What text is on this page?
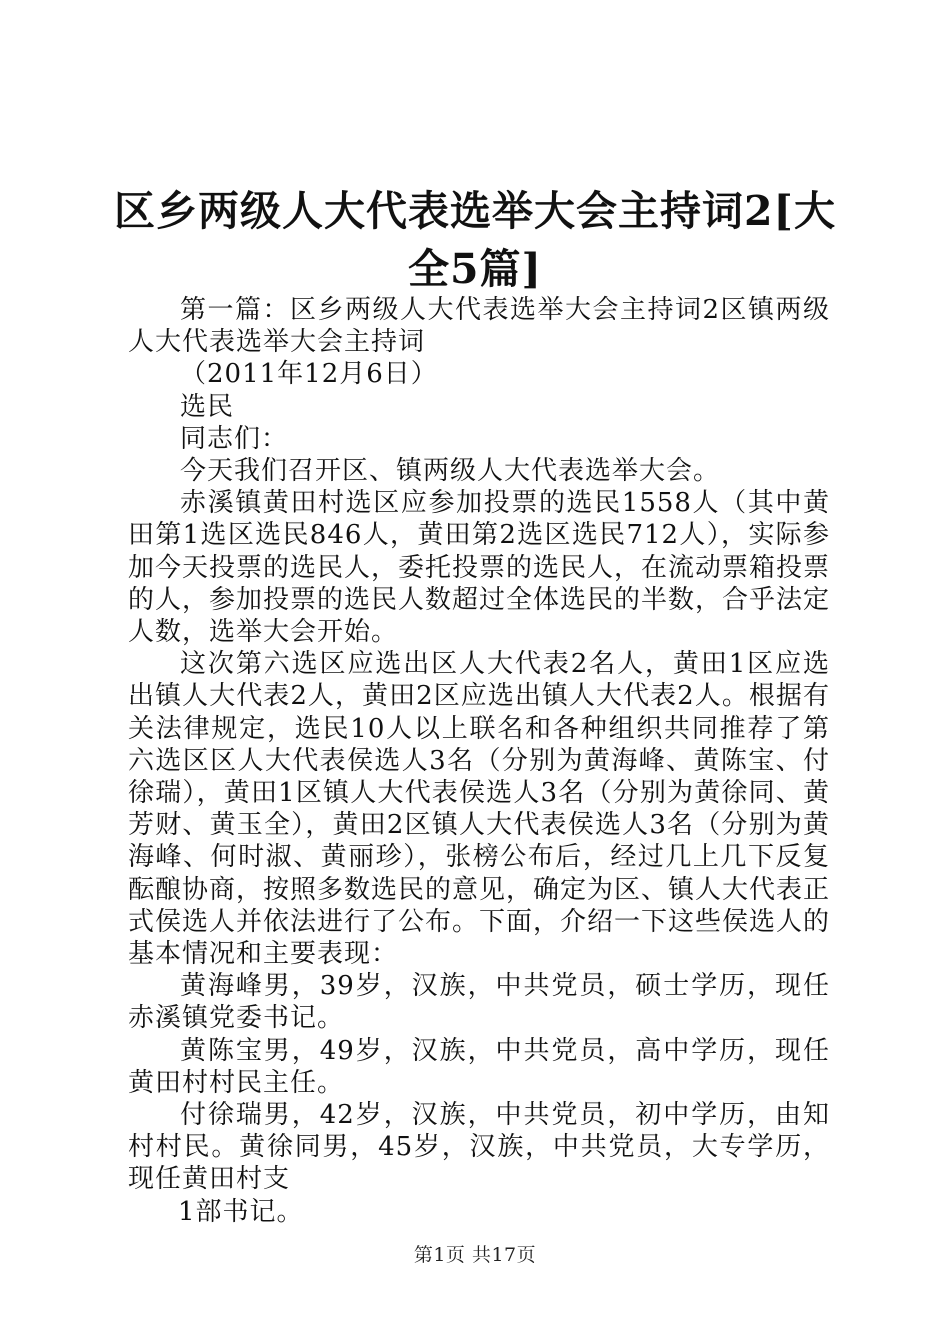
区乡两级人大代表选举大会主持词2[大全5篇]

第一篇：区乡两级人大代表选举大会主持词2区镇两级人大代表选举大会主持词

（2011年12月6日）

选民

同志们：

今天我们召开区、镇两级人大代表选举大会。

赤溪镇黄田村选区应参加投票的选民1558人（其中黄田第1选区选民846人，黄田第2选区选民712人），实际参加今天投票的选民人，委托投票的选民人，在流动票箱投票的人，参加投票的选民人数超过全体选民的半数，合乎法定人数，选举大会开始。

这次第六选区应选出区人大代表2名人，黄田1区应选出镇人大代表2人，黄田2区应选出镇人大代表2人。根据有关法律规定，选民10人以上联名和各种组织共同推荐了第六选区区人大代表侯选人3名（分别为黄海峰、黄陈宝、付徐瑞），黄田1区镇人大代表侯选人3名（分别为黄徐同、黄芳财、黄玉全），黄田2区镇人大代表侯选人3名（分别为黄海峰、何时淑、黄丽珍），张榜公布后，经过几上几下反复酝酿协商，按照多数选民的意见，确定为区、镇人大代表正式侯选人并依法进行了公布。下面，介绍一下这些侯选人的基本情况和主要表现：

黄海峰男，39岁，汉族，中共党员，硕士学历，现任赤溪镇党委书记。

黄陈宝男，49岁，汉族，中共党员，高中学历，现任黄田村村民主任。

付徐瑞男，42岁，汉族，中共党员，初中学历，由知村村民。黄徐同男，45岁，汉族，中共党员，大专学历，现任黄田村支

1部书记。

第1页 共17页
